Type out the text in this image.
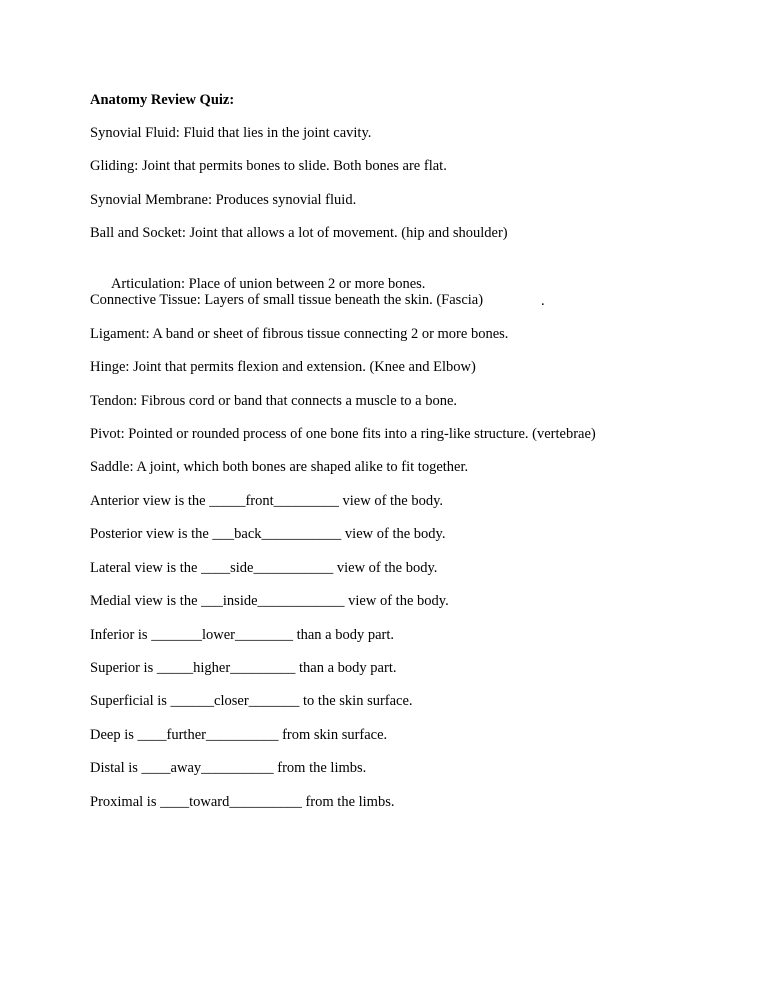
Anatomy Review Quiz:

Synovial Fluid: Fluid that lies in the joint cavity.
Gliding: Joint that permits bones to slide. Both bones are flat.
Synovial Membrane: Produces synovial fluid.
Ball and Socket: Joint that allows a lot of movement. (hip and shoulder)

Articulation: Place of union between 2 or more bones.

.

Connective Tissue: Layers of small tissue beneath the skin. (Fascia)
Ligament: A band or sheet of fibrous tissue connecting 2 or more bones.
Hinge: Joint that permits flexion and extension. (Knee and Elbow)
Tendon: Fibrous cord or band that connects a muscle to a bone.
Pivot: Pointed or rounded process of one bone fits into a ring-like structure. (vertebrae)
Saddle: A joint, which both bones are shaped alike to fit together.
Anterior view is the _____front_________ view of the body.
Posterior view is the ___back___________ view of the body.
Lateral view is the ____side___________ view of the body.
Medial view is the ___inside____________ view of the body.
Inferior is _______lower________ than a body part.
Superior is _____higher_________ than a body part.
Superficial is ______closer_______ to the skin surface.
Deep is ____further__________ from skin surface.
Distal is ____away__________ from the limbs.
Proximal is ____toward__________ from the limbs.
